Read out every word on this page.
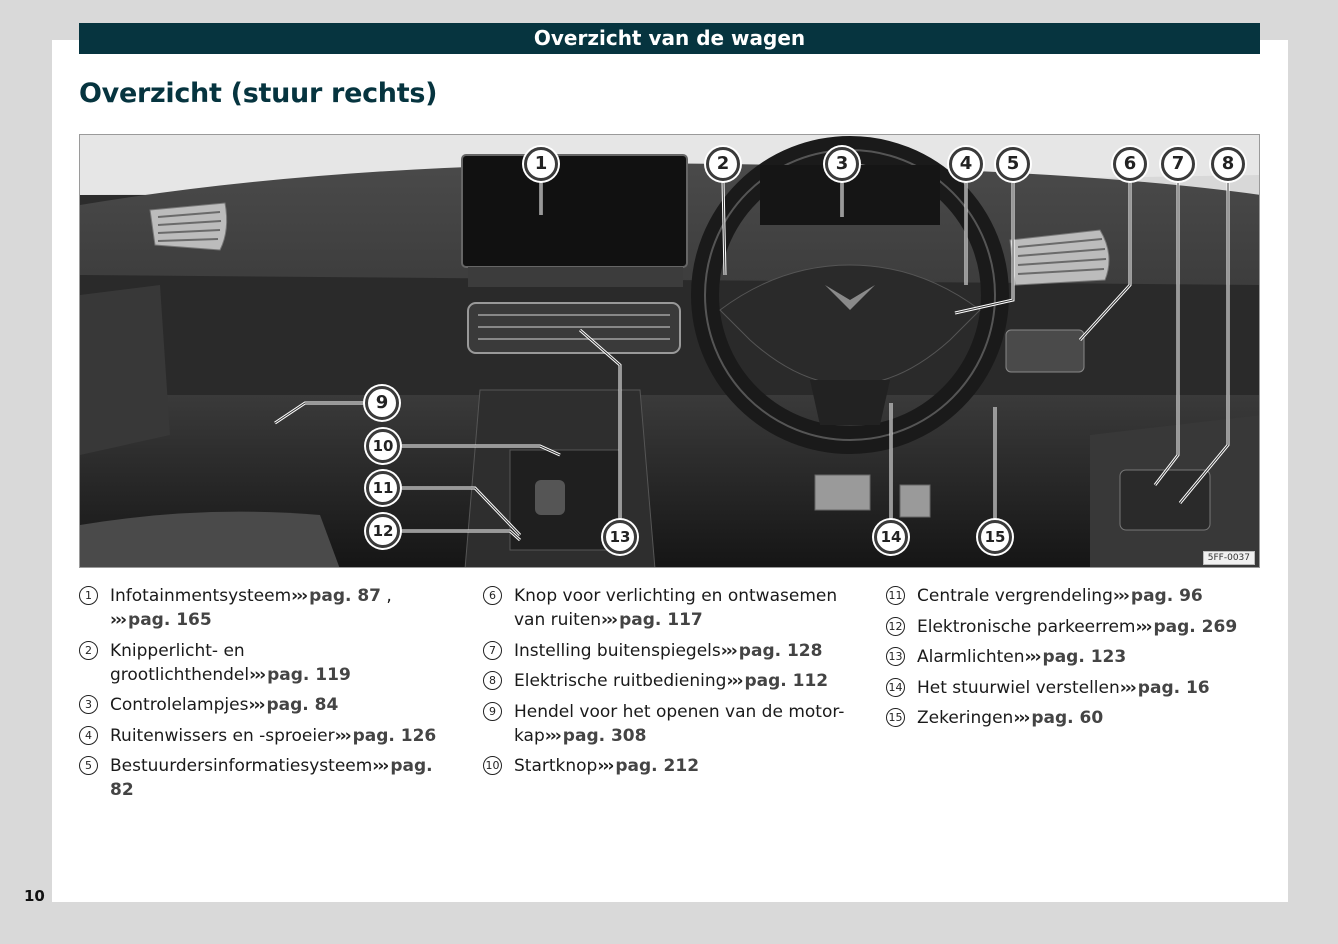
Overzicht van de wagen
Overzicht (stuur rechts)
1	2	3	4	5	6	7	8
9
10
11
12	13	14	15
5FF-0037
1	Infotainmentsysteem››› pag. 87 , ››› pag. 165
2	Knipperlicht- en grootlichthendel››› pag. 119
3	Controlelampjes››› pag. 84
4	Ruitenwissers en -sproeier››› pag. 126
5	Bestuurdersinformatiesysteem››› pag. 82
6	Knop voor verlichting en ontwasemen van ruiten››› pag. 117
7	Instelling buitenspiegels››› pag. 128
8	Elektrische ruitbediening››› pag. 112
9	Hendel voor het openen van de motor-kap››› pag. 308
10 Startknop››› pag. 212
11 Centrale vergrendeling››› pag. 96
12 Elektronische parkeerrem››› pag. 269
13 Alarmlichten››› pag. 123
14 Het stuurwiel verstellen››› pag. 16
15 Zekeringen››› pag. 60
10
